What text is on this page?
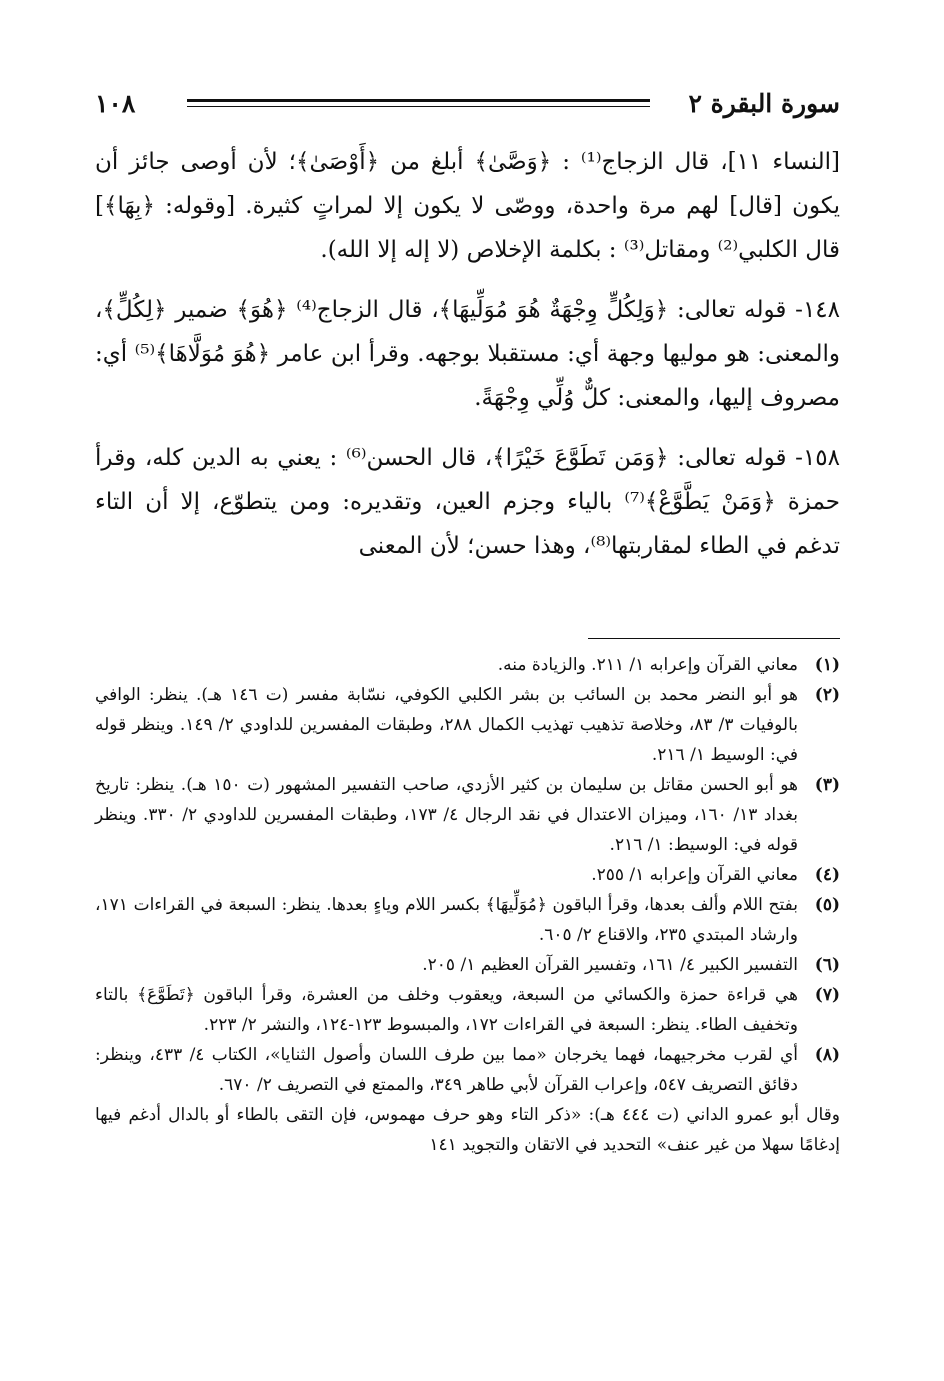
سورة البقرة ٢
١٠٨

[النساء ١١]، قال الزجاج⁽¹⁾ : ﴿وَصَّىٰ﴾ أبلغ من ﴿أَوْصَىٰ﴾؛ لأن أوصى جائز أن يكون [قال] لهم مرة واحدة، ووصّى لا يكون إلا لمراتٍ كثيرة. [وقوله: ﴿بِهَا﴾] قال الكلبي⁽²⁾ ومقاتل⁽³⁾ : بكلمة الإخلاص (لا إله إلا الله).

١٤٨- قوله تعالى: ﴿وَلِكُلٍّ وِجْهَةٌ هُوَ مُوَلِّيهَا﴾، قال الزجاج⁽⁴⁾ ﴿هُوَ﴾ ضمير ﴿لِكُلٍّ﴾، والمعنى: هو موليها وجهة أي: مستقبلا بوجهه. وقرأ ابن عامر ﴿هُوَ مُوَلَّاهَا﴾⁽⁵⁾ أي: مصروف إليها، والمعنى: كلٌّ وُلِّي وِجْهَةً.

١٥٨- قوله تعالى: ﴿وَمَن تَطَوَّعَ خَيْرًا﴾، قال الحسن⁽⁶⁾ : يعني به الدين كله، وقرأ حمزة ﴿وَمَنْ يَطَّوَّعْ﴾⁽⁷⁾ بالياء وجزم العين، وتقديره: ومن يتطوّع، إلا أن التاء تدغم في الطاء لمقاربتها⁽⁸⁾، وهذا حسن؛ لأن المعنى

(١)
معاني القرآن وإعرابه ١/ ٢١١. والزيادة منه.
(٢)
هو أبو النضر محمد بن السائب بن بشر الكلبي الكوفي، نسّابة مفسر (ت ١٤٦ هـ). ينظر: الوافي بالوفيات ٣/ ٨٣، وخلاصة تذهيب تهذيب الكمال ٢٨٨، وطبقات المفسرين للداودي ٢/ ١٤٩. وينظر قوله في: الوسيط ١/ ٢١٦.
(٣)
هو أبو الحسن مقاتل بن سليمان بن كثير الأزدي، صاحب التفسير المشهور (ت ١٥٠ هـ). ينظر: تاريخ بغداد ١٣/ ١٦٠، وميزان الاعتدال في نقد الرجال ٤/ ١٧٣، وطبقات المفسرين للداودي ٢/ ٣٣٠. وينظر قوله في: الوسيط: ١/ ٢١٦.
(٤)
معاني القرآن وإعرابه ١/ ٢٥٥.
(٥)
بفتح اللام وألف بعدها، وقرأ الباقون ﴿مُوَلِّيهَا﴾ بكسر اللام وياءٍ بعدها. ينظر: السبعة في القراءات ١٧١، وارشاد المبتدي ٢٣٥، والاقناع ٢/ ٦٠٥.
(٦)
التفسير الكبير ٤/ ١٦١، وتفسير القرآن العظيم ١/ ٢٠٥.
(٧)
هي قراءة حمزة والكسائي من السبعة، ويعقوب وخلف من العشرة، وقرأ الباقون ﴿تَطَوَّعَ﴾ بالتاء وتخفيف الطاء. ينظر: السبعة في القراءات ١٧٢، والمبسوط ١٢٣-١٢٤، والنشر ٢/ ٢٢٣.
(٨)
أي لقرب مخرجيهما، فهما يخرجان «مما بين طرف اللسان وأصول الثنايا»، الكتاب ٤/ ٤٣٣، وينظر: دقائق التصريف ٥٤٧، وإعراب القرآن لأبي طاهر ٣٤٩، والممتع في التصريف ٢/ ٦٧٠.

وقال أبو عمرو الداني (ت ٤٤٤ هـ): «ذكر التاء وهو حرف مهموس، فإن التقى بالطاء أو بالدال أدغم فيها إدغامًا سهلا من غير عنف» التحديد في الاتقان والتجويد ١٤١
